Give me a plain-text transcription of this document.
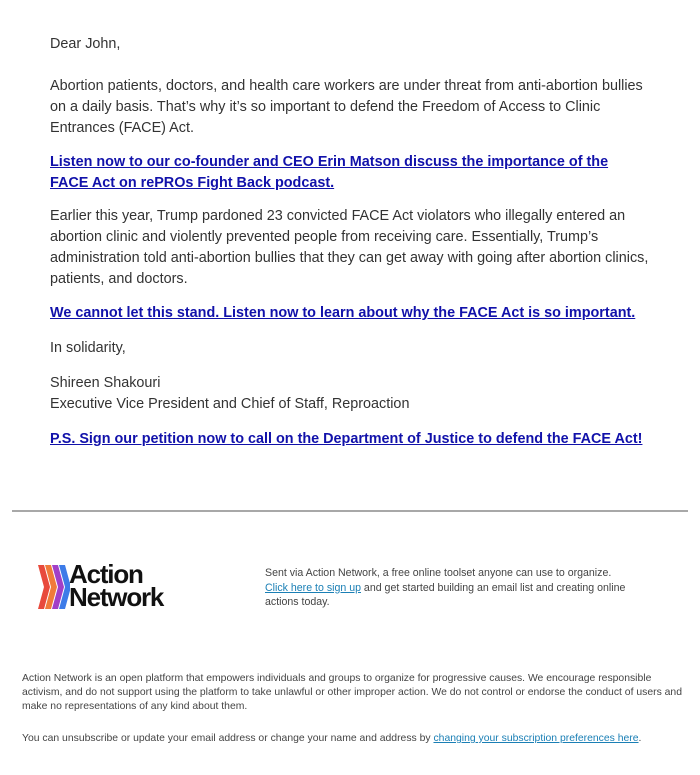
Dear John,

Abortion patients, doctors, and health care workers are under threat from anti-abortion bullies on a daily basis. That’s why it’s so important to defend the Freedom of Access to Clinic Entrances (FACE) Act.

Listen now to our co-founder and CEO Erin Matson discuss the importance of the FACE Act on rePROs Fight Back podcast.

Earlier this year, Trump pardoned 23 convicted FACE Act violators who illegally entered an abortion clinic and violently prevented people from receiving care. Essentially, Trump’s administration told anti-abortion bullies that they can get away with going after abortion clinics, patients, and doctors.

We cannot let this stand. Listen now to learn about why the FACE Act is so important.

In solidarity,

Shireen Shakouri

Executive Vice President and Chief of Staff, Reproaction

P.S. Sign our petition now to call on the Department of Justice to defend the FACE Act!

Action
Network
Sent via Action Network, a free online toolset anyone can use to organize.
Click here to sign up and get started building an email list and creating online actions today.
Action Network is an open platform that empowers individuals and groups to organize for progressive causes. We encourage responsible activism, and do not support using the platform to take unlawful or other improper action. We do not control or endorse the conduct of users and make no representations of any kind about them.
You can unsubscribe or update your email address or change your name and address by changing your subscription preferences here.
